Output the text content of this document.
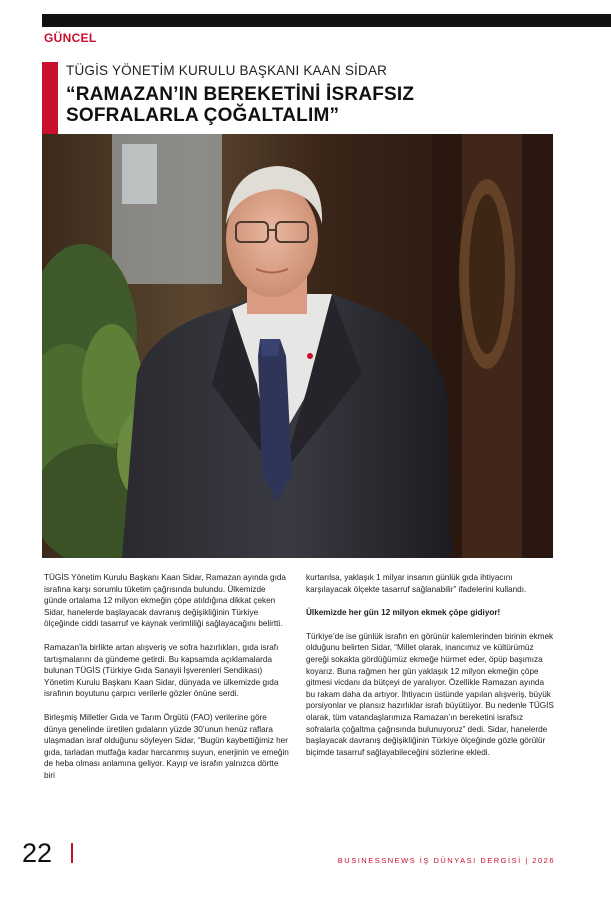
GÜNCEL
TÜGİS YÖNETİM KURULU BAŞKANI KAAN SİDAR
“RAMAZAN’IN BEREKETİNİ İSRAFSIZ
SOFRALARLA ÇOĞALTALIM”

TÜGİS Yönetim Kurulu Başkanı Kaan Sidar, Ramazan ayında gıda israfına karşı sorumlu tüketim çağrısında bulundu. Ülkemizde günde ortalama 12 milyon ekmeğin çöpe atıldığına dikkat çeken Sidar, hanelerde başlayacak davranış değişikliğinin Türkiye ölçeğinde ciddi tasarruf ve kaynak verimliliği sağlayacağını belirtti.

Ramazan’la birlikte artan alışveriş ve sofra hazırlıkları, gıda israfı tartışmalarını da gündeme getirdi. Bu kapsamda açıklamalarda bulunan TÜGİS (Türkiye Gıda Sanayii İşverenleri Sendikası) Yönetim Kurulu Başkanı Kaan Sidar, dünyada ve ülkemizde gıda israfının boyutunu çarpıcı verilerle gözler önüne serdi.

Birleşmiş Milletler Gıda ve Tarım Örgütü (FAO) verilerine göre dünya genelinde üretilen gıdaların yüzde 30’unun henüz raflara ulaşmadan israf olduğunu söyleyen Sidar, “Bugün kaybettiğimiz her gıda, tarladan mutfağa kadar harcanmış suyun, enerjinin ve emeğin de heba olması anlamına geliyor. Kayıp ve israfın yalnızca dörtte biri

kurtarılsa, yaklaşık 1 milyar insanın günlük gıda ihtiyacını karşılayacak ölçekte tasarruf sağlanabilir” ifadelerini kullandı.

Ülkemizde her gün 12 milyon ekmek çöpe gidiyor!

Türkiye’de ise günlük israfın en görünür kalemlerinden birinin ekmek olduğunu belirten Sidar, “Millet olarak, inancımız ve kültürümüz gereği sokakta gördüğümüz ekmeğe hürmet eder, öpüp başımıza koyarız. Buna rağmen her gün yaklaşık 12 milyon ekmeğin çöpe gitmesi vicdanı da bütçeyi de yaralıyor. Özellikle Ramazan ayında bu rakam daha da artıyor. İhtiyacın üstünde yapılan alışveriş, büyük porsiyonlar ve plansız hazırlıklar israfı büyütüyor. Bu nedenle TÜGİS olarak, tüm vatandaşlarımıza Ramazan’ın bereketini israfsız sofralarla çoğaltma çağrısında bulunuyoruz” dedi. Sidar, hanelerde başlayacak davranış değişikliğinin Türkiye ölçeğinde gözle görülür biçimde tasarruf sağlayabileceğini sözlerine ekledi.

22	BUSINESSNEWS İŞ DÜNYASI DERGİSİ | 2026
